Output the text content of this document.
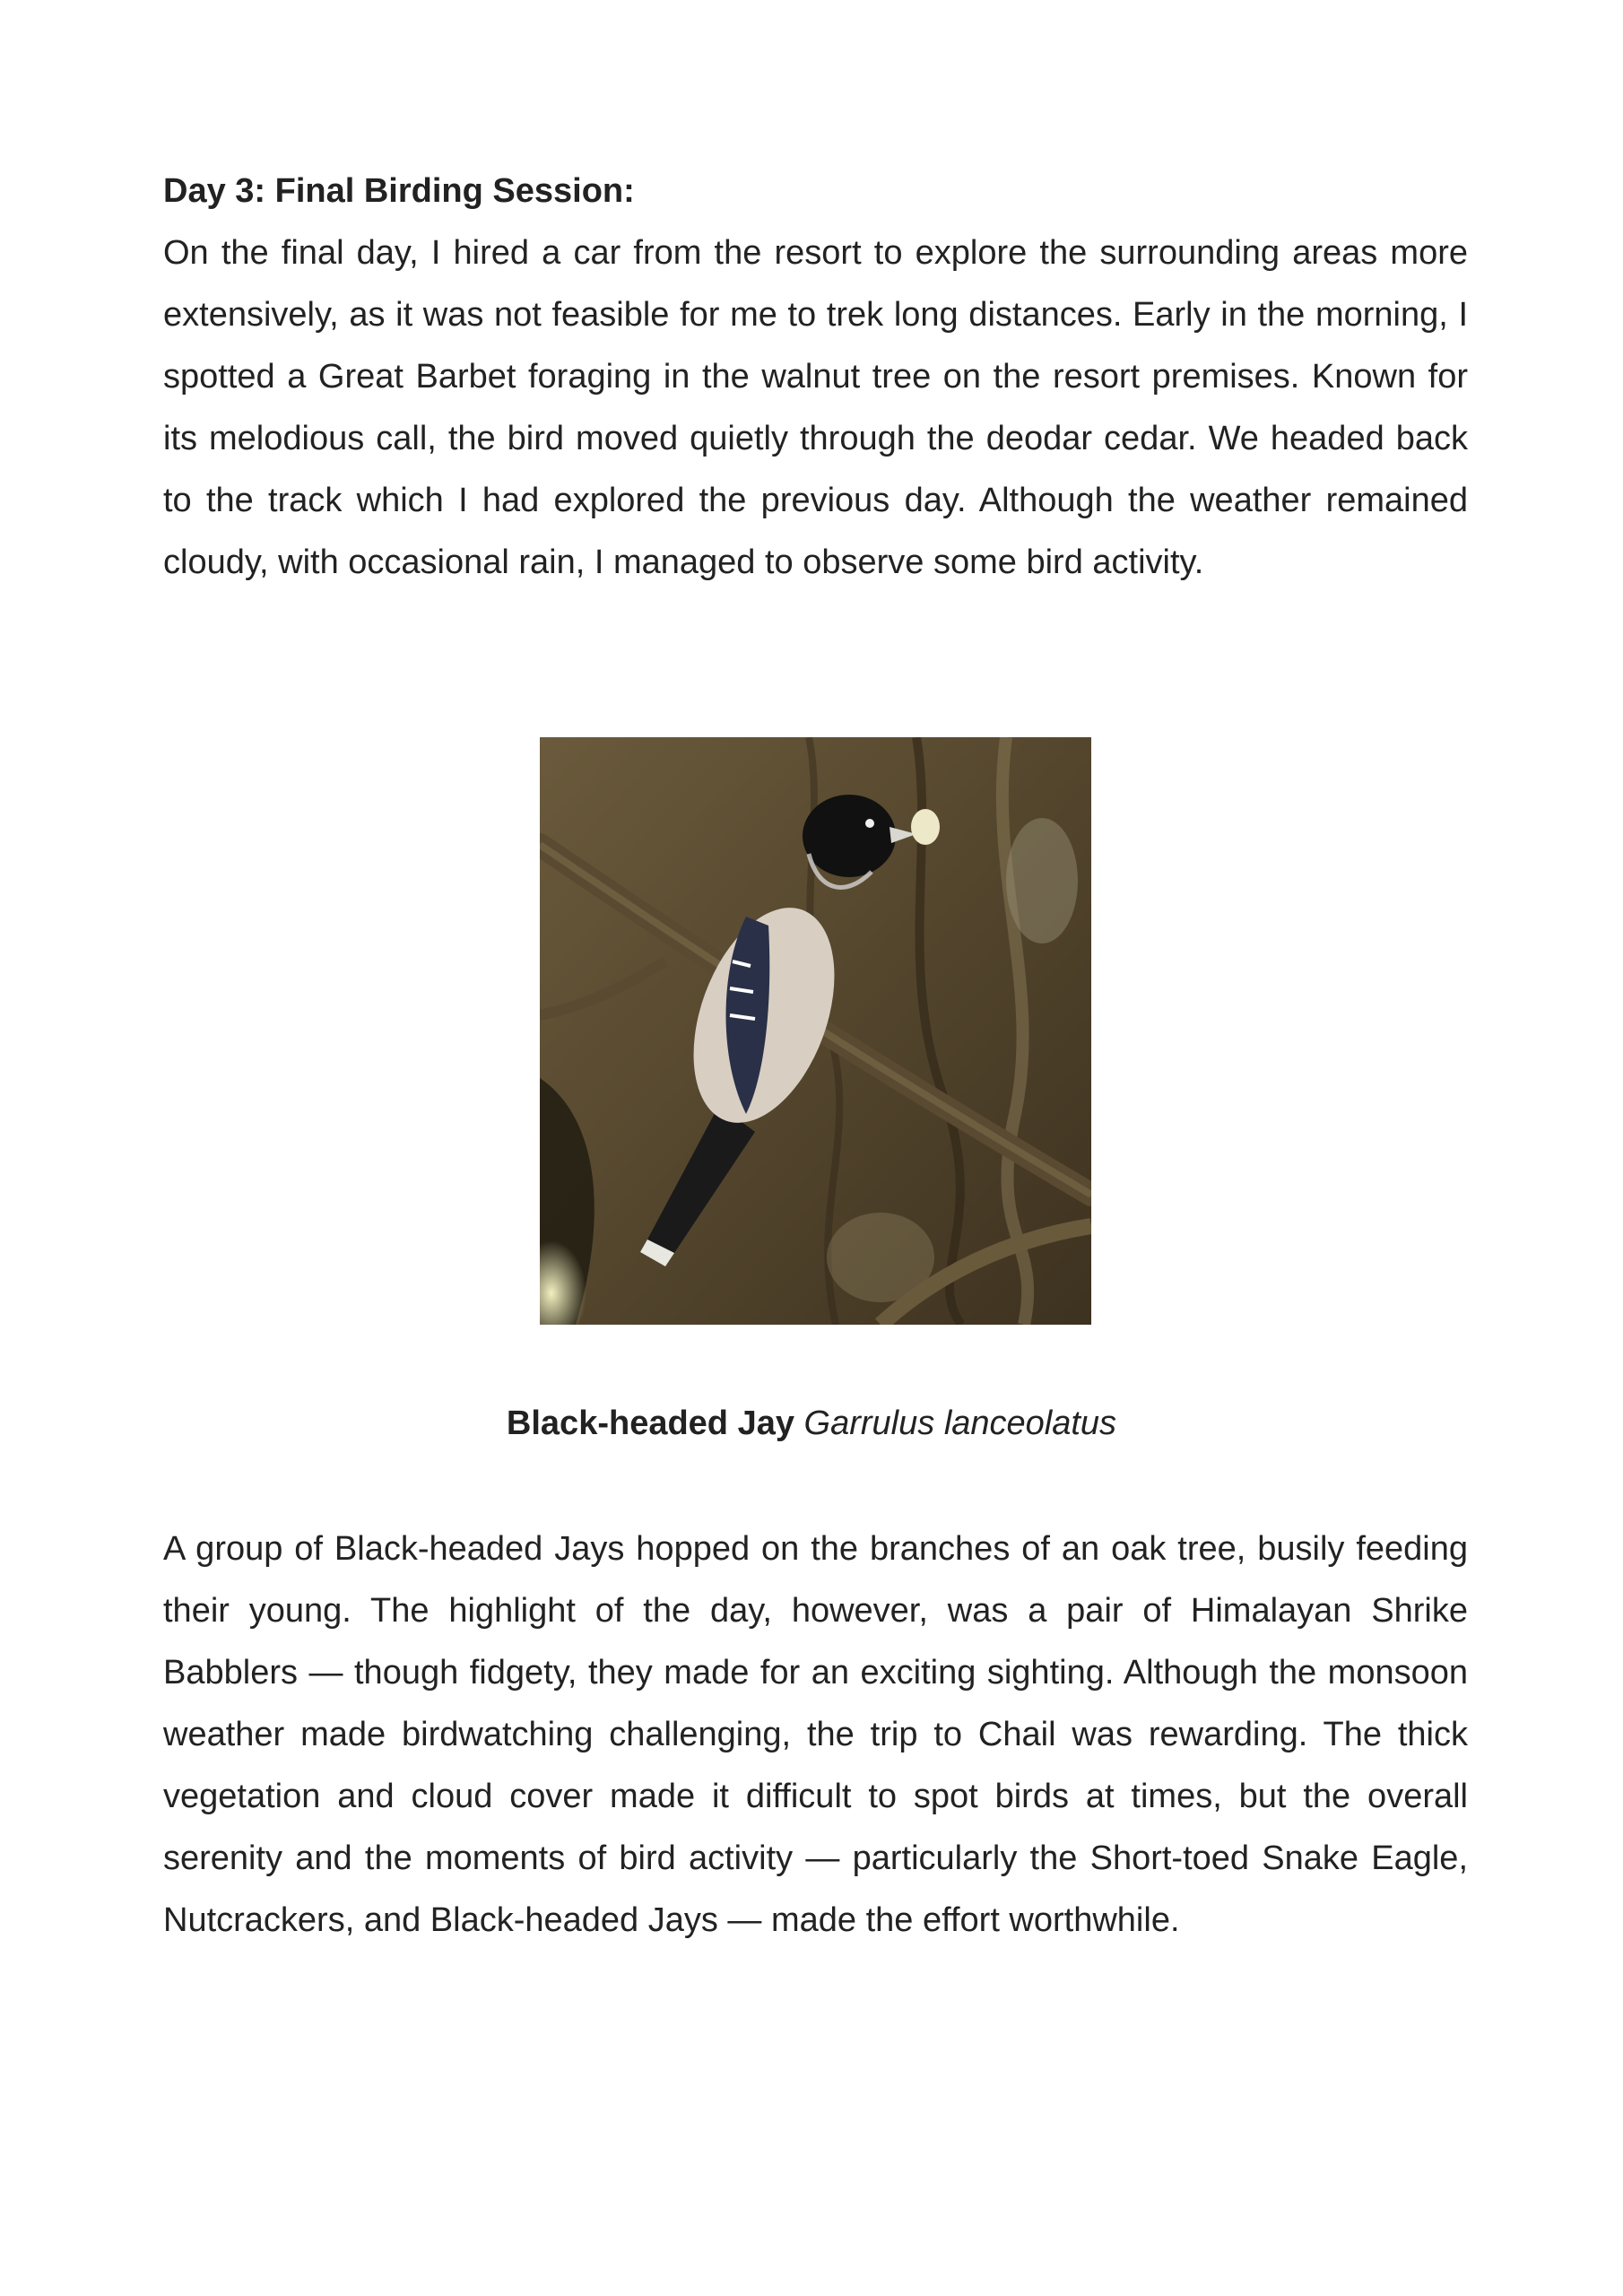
Day 3: Final Birding Session:

On the final day, I hired a car from the resort to explore the surrounding areas more extensively, as it was not feasible for me to trek long distances. Early in the morning, I spotted a Great Barbet foraging in the walnut tree on the resort premises. Known for its melodious call, the bird moved quietly through the deodar cedar. We headed back to the track which I had explored the previous day. Although the weather remained cloudy, with occasional rain, I managed to observe some bird activity.

Black-headed Jay Garrulus lanceolatus

A group of Black-headed Jays hopped on the branches of an oak tree, busily feeding their young. The highlight of the day, however, was a pair of Himalayan Shrike Babblers — though fidgety, they made for an exciting sighting. Although the monsoon weather made birdwatching challenging, the trip to Chail was rewarding. The thick vegetation and cloud cover made it difficult to spot birds at times, but the overall serenity and the moments of bird activity — particularly the Short-toed Snake Eagle, Nutcrackers, and Black-headed Jays — made the effort worthwhile.
